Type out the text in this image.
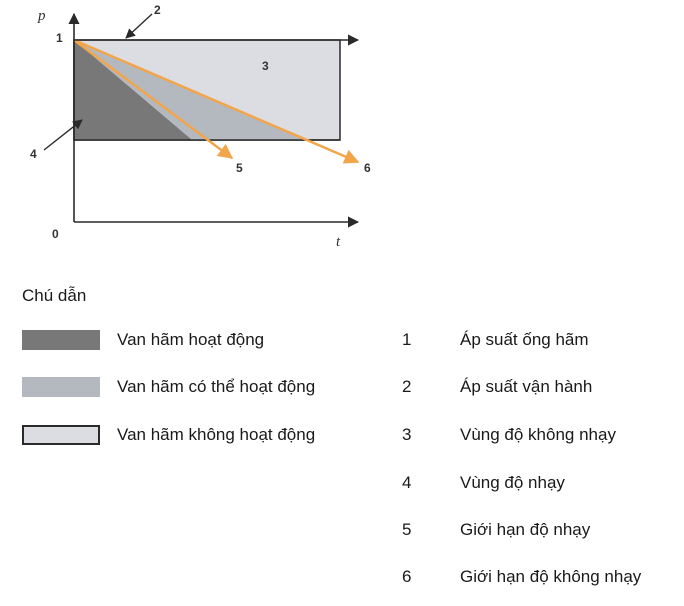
p
t
0
1
2
3
4
5	6
Chú dẫn
Van hãm hoạt động
Van hãm có thể hoạt động
Van hãm không hoạt động
1	Áp suất ống hãm
2	Áp suất vận hành
3	Vùng độ không nhạy
4	Vùng độ nhạy
5	Giới hạn độ nhạy
6	Giới hạn độ không nhạy
